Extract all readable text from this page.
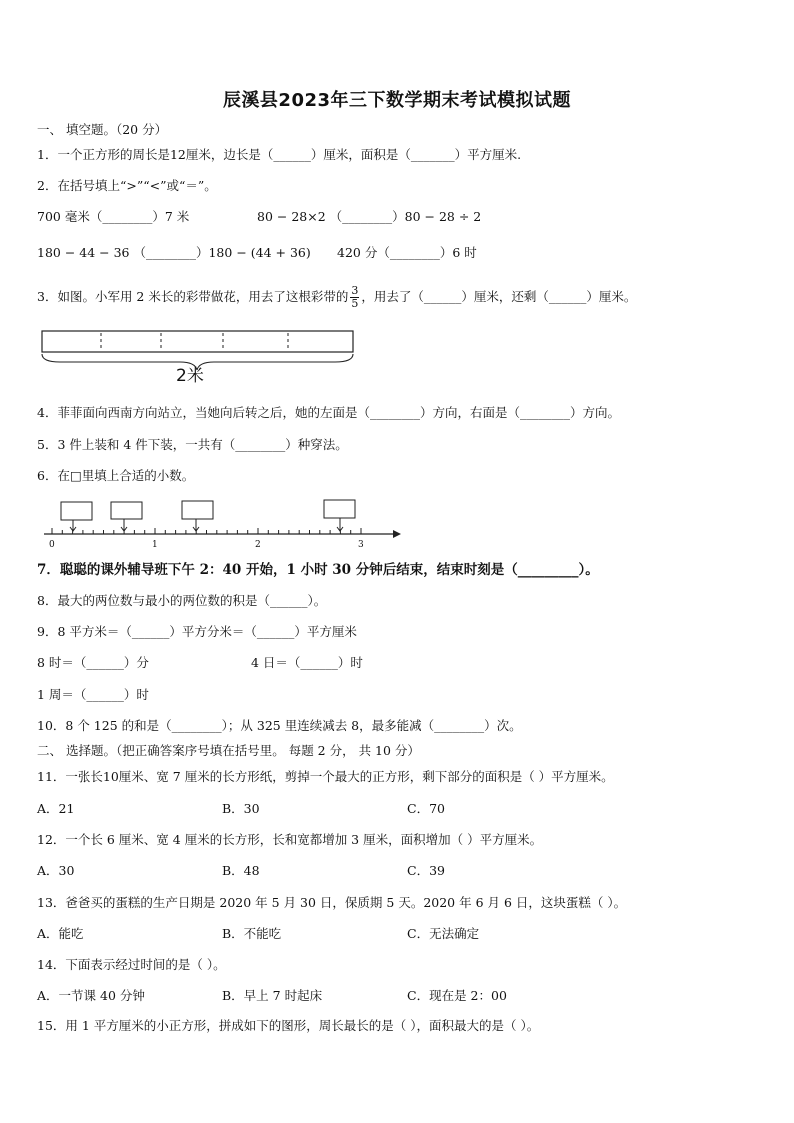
辰溪县2023年三下数学期末考试模拟试题
一、 填空题。（20 分）
1．一个正方形的周长是12厘米，边长是（______）厘米，面积是（_______）平方厘米.
2．在括号填上“>”“<”或“＝”。
700 毫米（________）7 米	80 − 28×2 （________）80 − 28 ÷ 2
180 − 44 − 36 （________）180 − (44 + 36) 420 分（________）6 时
3．如图。小军用 2 米长的彩带做花，用去了这根彩带的 $\frac{3}{5}$ ，用去了（______）厘米，还剩（______）厘米。
2米
4．菲菲面向西南方向站立，当她向后转之后，她的左面是（________）方向，右面是（________）方向。
5．3 件上装和 4 件下装，一共有（________）种穿法。
6．在□里填上合适的小数。
0	1	2	3
7．聪聪的课外辅导班下午 2：40 开始，1 小时 30 分钟后结束，结束时刻是（_________）。
8．最大的两位数与最小的两位数的积是（______）。
9．8 平方米＝（______）平方分米＝（______）平方厘米
8 时＝（______）分	4 日＝（______）时
1 周＝（______）时
10．8 个 125 的和是（________）；从 325 里连续减去 8，最多能减（________）次。
二、 选择题。（把正确答案序号填在括号里。 每题 2 分， 共 10 分）
11．一张长10厘米、宽 7 厘米的长方形纸，剪掉一个最大的正方形，剩下部分的面积是（ ）平方厘米。
A．21	B．30	C．70
12．一个长 6 厘米、宽 4 厘米的长方形，长和宽都增加 3 厘米，面积增加（ ）平方厘米。
A．30	B．48	C．39
13．爸爸买的蛋糕的生产日期是 2020 年 5 月 30 日，保质期 5 天。2020 年 6 月 6 日，这块蛋糕（ ）。
A．能吃	B．不能吃	C．无法确定
14．下面表示经过时间的是（ ）。
A．一节课 40 分钟	B．早上 7 时起床	C．现在是 2：00
15．用 1 平方厘米的小正方形，拼成如下的图形，周长最长的是（ ），面积最大的是（ ）。
